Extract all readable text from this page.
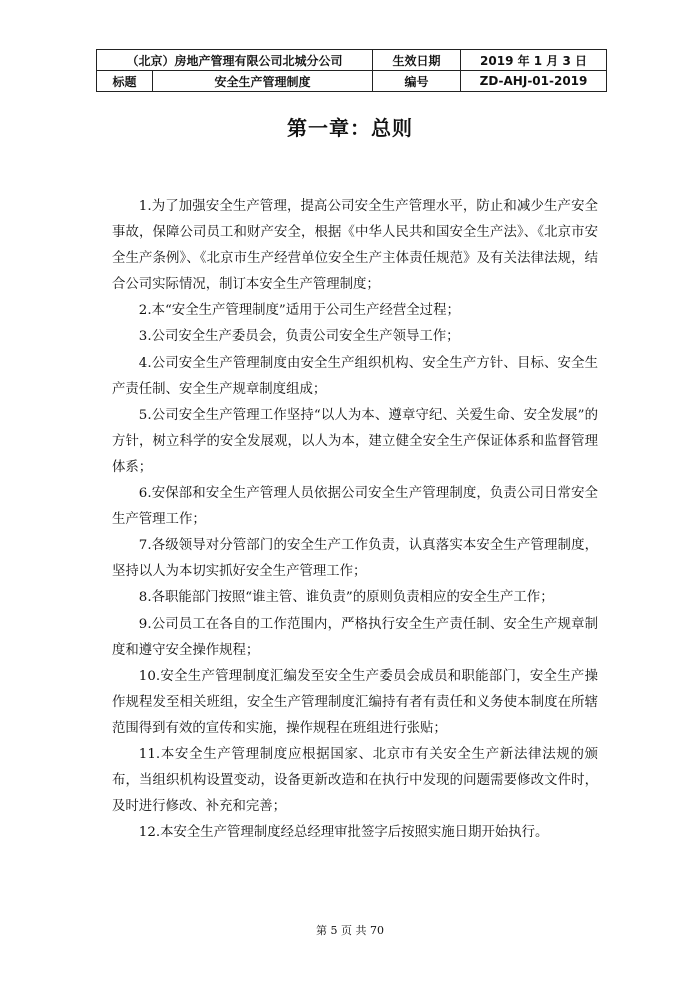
（北京）房地产管理有限公司北城分公司		生效日期	2019 年 1 月 3 日
标题	安全生产管理制度	编号	ZD-AHJ-01-2019
第一章：总则

1.为了加强安全生产管理，提高公司安全生产管理水平，防止和减少生产安全事故，保障公司员工和财产安全，根据《中华人民共和国安全生产法》、《北京市安全生产条例》、《北京市生产经营单位安全生产主体责任规范》及有关法律法规，结合公司实际情况，制订本安全生产管理制度；

2.本“安全生产管理制度”适用于公司生产经营全过程；

3.公司安全生产委员会，负责公司安全生产领导工作；

4.公司安全生产管理制度由安全生产组织机构、安全生产方针、目标、安全生产责任制、安全生产规章制度组成；

5.公司安全生产管理工作坚持“以人为本、遵章守纪、关爱生命、安全发展”的方针，树立科学的安全发展观，以人为本，建立健全安全生产保证体系和监督管理体系；

6.安保部和安全生产管理人员依据公司安全生产管理制度，负责公司日常安全生产管理工作；

7.各级领导对分管部门的安全生产工作负责，认真落实本安全生产管理制度，坚持以人为本切实抓好安全生产管理工作；

8.各职能部门按照“谁主管、谁负责”的原则负责相应的安全生产工作；

9.公司员工在各自的工作范围内，严格执行安全生产责任制、安全生产规章制度和遵守安全操作规程；

10.安全生产管理制度汇编发至安全生产委员会成员和职能部门，安全生产操作规程发至相关班组，安全生产管理制度汇编持有者有责任和义务使本制度在所辖范围得到有效的宣传和实施，操作规程在班组进行张贴；

11.本安全生产管理制度应根据国家、北京市有关安全生产新法律法规的颁布，当组织机构设置变动，设备更新改造和在执行中发现的问题需要修改文件时，及时进行修改、补充和完善；

12.本安全生产管理制度经总经理审批签字后按照实施日期开始执行。

第 5 页 共 70
